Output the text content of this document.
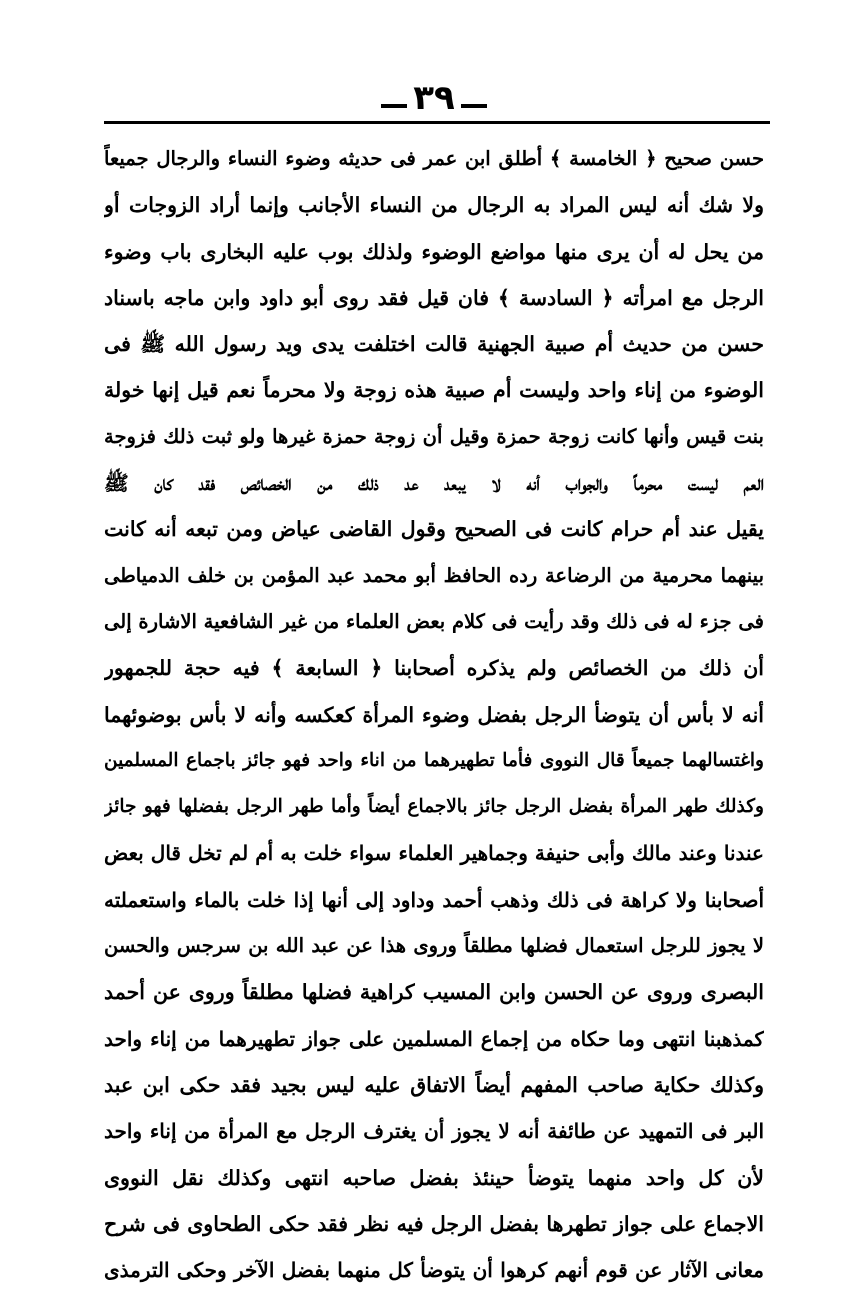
٣٩
حسن صحيح ﴿ الخامسة ﴾ أطلق ابن عمر فى حديثه وضوء النساء والرجال جميعاً
ولا شك أنه ليس المراد به الرجال من النساء الأجانب وإنما أراد الزوجات أو
من يحل له أن يرى منها مواضع الوضوء ولذلك بوب عليه البخارى باب وضوء
الرجل مع امرأته ﴿ السادسة ﴾ فان قيل فقد روى أبو داود وابن ماجه باسناد
حسن من حديث أم صبية الجهنية قالت اختلفت يدى ويد رسول الله ﷺ فى
الوضوء من إناء واحد وليست أم صبية هذه زوجة ولا محرماً نعم قيل إنها خولة
بنت قيس وأنها كانت زوجة حمزة وقيل أن زوجة حمزة غيرها ولو ثبت ذلك فزوجة
العم ليست محرماً والجواب أنه لا يبعد عد ذلك من الخصائص فقد كان ﷺ
يقيل عند أم حرام كانت فى الصحيح وقول القاضى عياض ومن تبعه أنه كانت
بينهما محرمية من الرضاعة رده الحافظ أبو محمد عبد المؤمن بن خلف الدمياطى
فى جزء له فى ذلك وقد رأيت فى كلام بعض العلماء من غير الشافعية الاشارة إلى
أن ذلك من الخصائص ولم يذكره أصحابنا ﴿ السابعة ﴾ فيه حجة للجمهور
أنه لا بأس أن يتوضأ الرجل بفضل وضوء المرأة كعكسه وأنه لا بأس بوضوئهما
واغتسالهما جميعاً قال النووى فأما تطهيرهما من اناء واحد فهو جائز باجماع المسلمين
وكذلك طهر المرأة بفضل الرجل جائز بالاجماع أيضاً وأما طهر الرجل بفضلها فهو جائز
عندنا وعند مالك وأبى حنيفة وجماهير العلماء سواء خلت به أم لم تخل قال بعض
أصحابنا ولا كراهة فى ذلك وذهب أحمد وداود إلى أنها إذا خلت بالماء واستعملته
لا يجوز للرجل استعمال فضلها مطلقاً وروى هذا عن عبد الله بن سرجس والحسن
البصرى وروى عن الحسن وابن المسيب كراهية فضلها مطلقاً وروى عن أحمد
كمذهبنا انتهى وما حكاه من إجماع المسلمين على جواز تطهيرهما من إناء واحد
وكذلك حكاية صاحب المفهم أيضاً الاتفاق عليه ليس بجيد فقد حكى ابن عبد
البر فى التمهيد عن طائفة أنه لا يجوز أن يغترف الرجل مع المرأة من إناء واحد
لأن كل واحد منهما يتوضأ حينئذ بفضل صاحبه انتهى وكذلك نقل النووى
الاجماع على جواز تطهرها بفضل الرجل فيه نظر فقد حكى الطحاوى فى شرح
معانى الآثار عن قوم أنهم كرهوا أن يتوضأ كل منهما بفضل الآخر وحكى الترمذى
